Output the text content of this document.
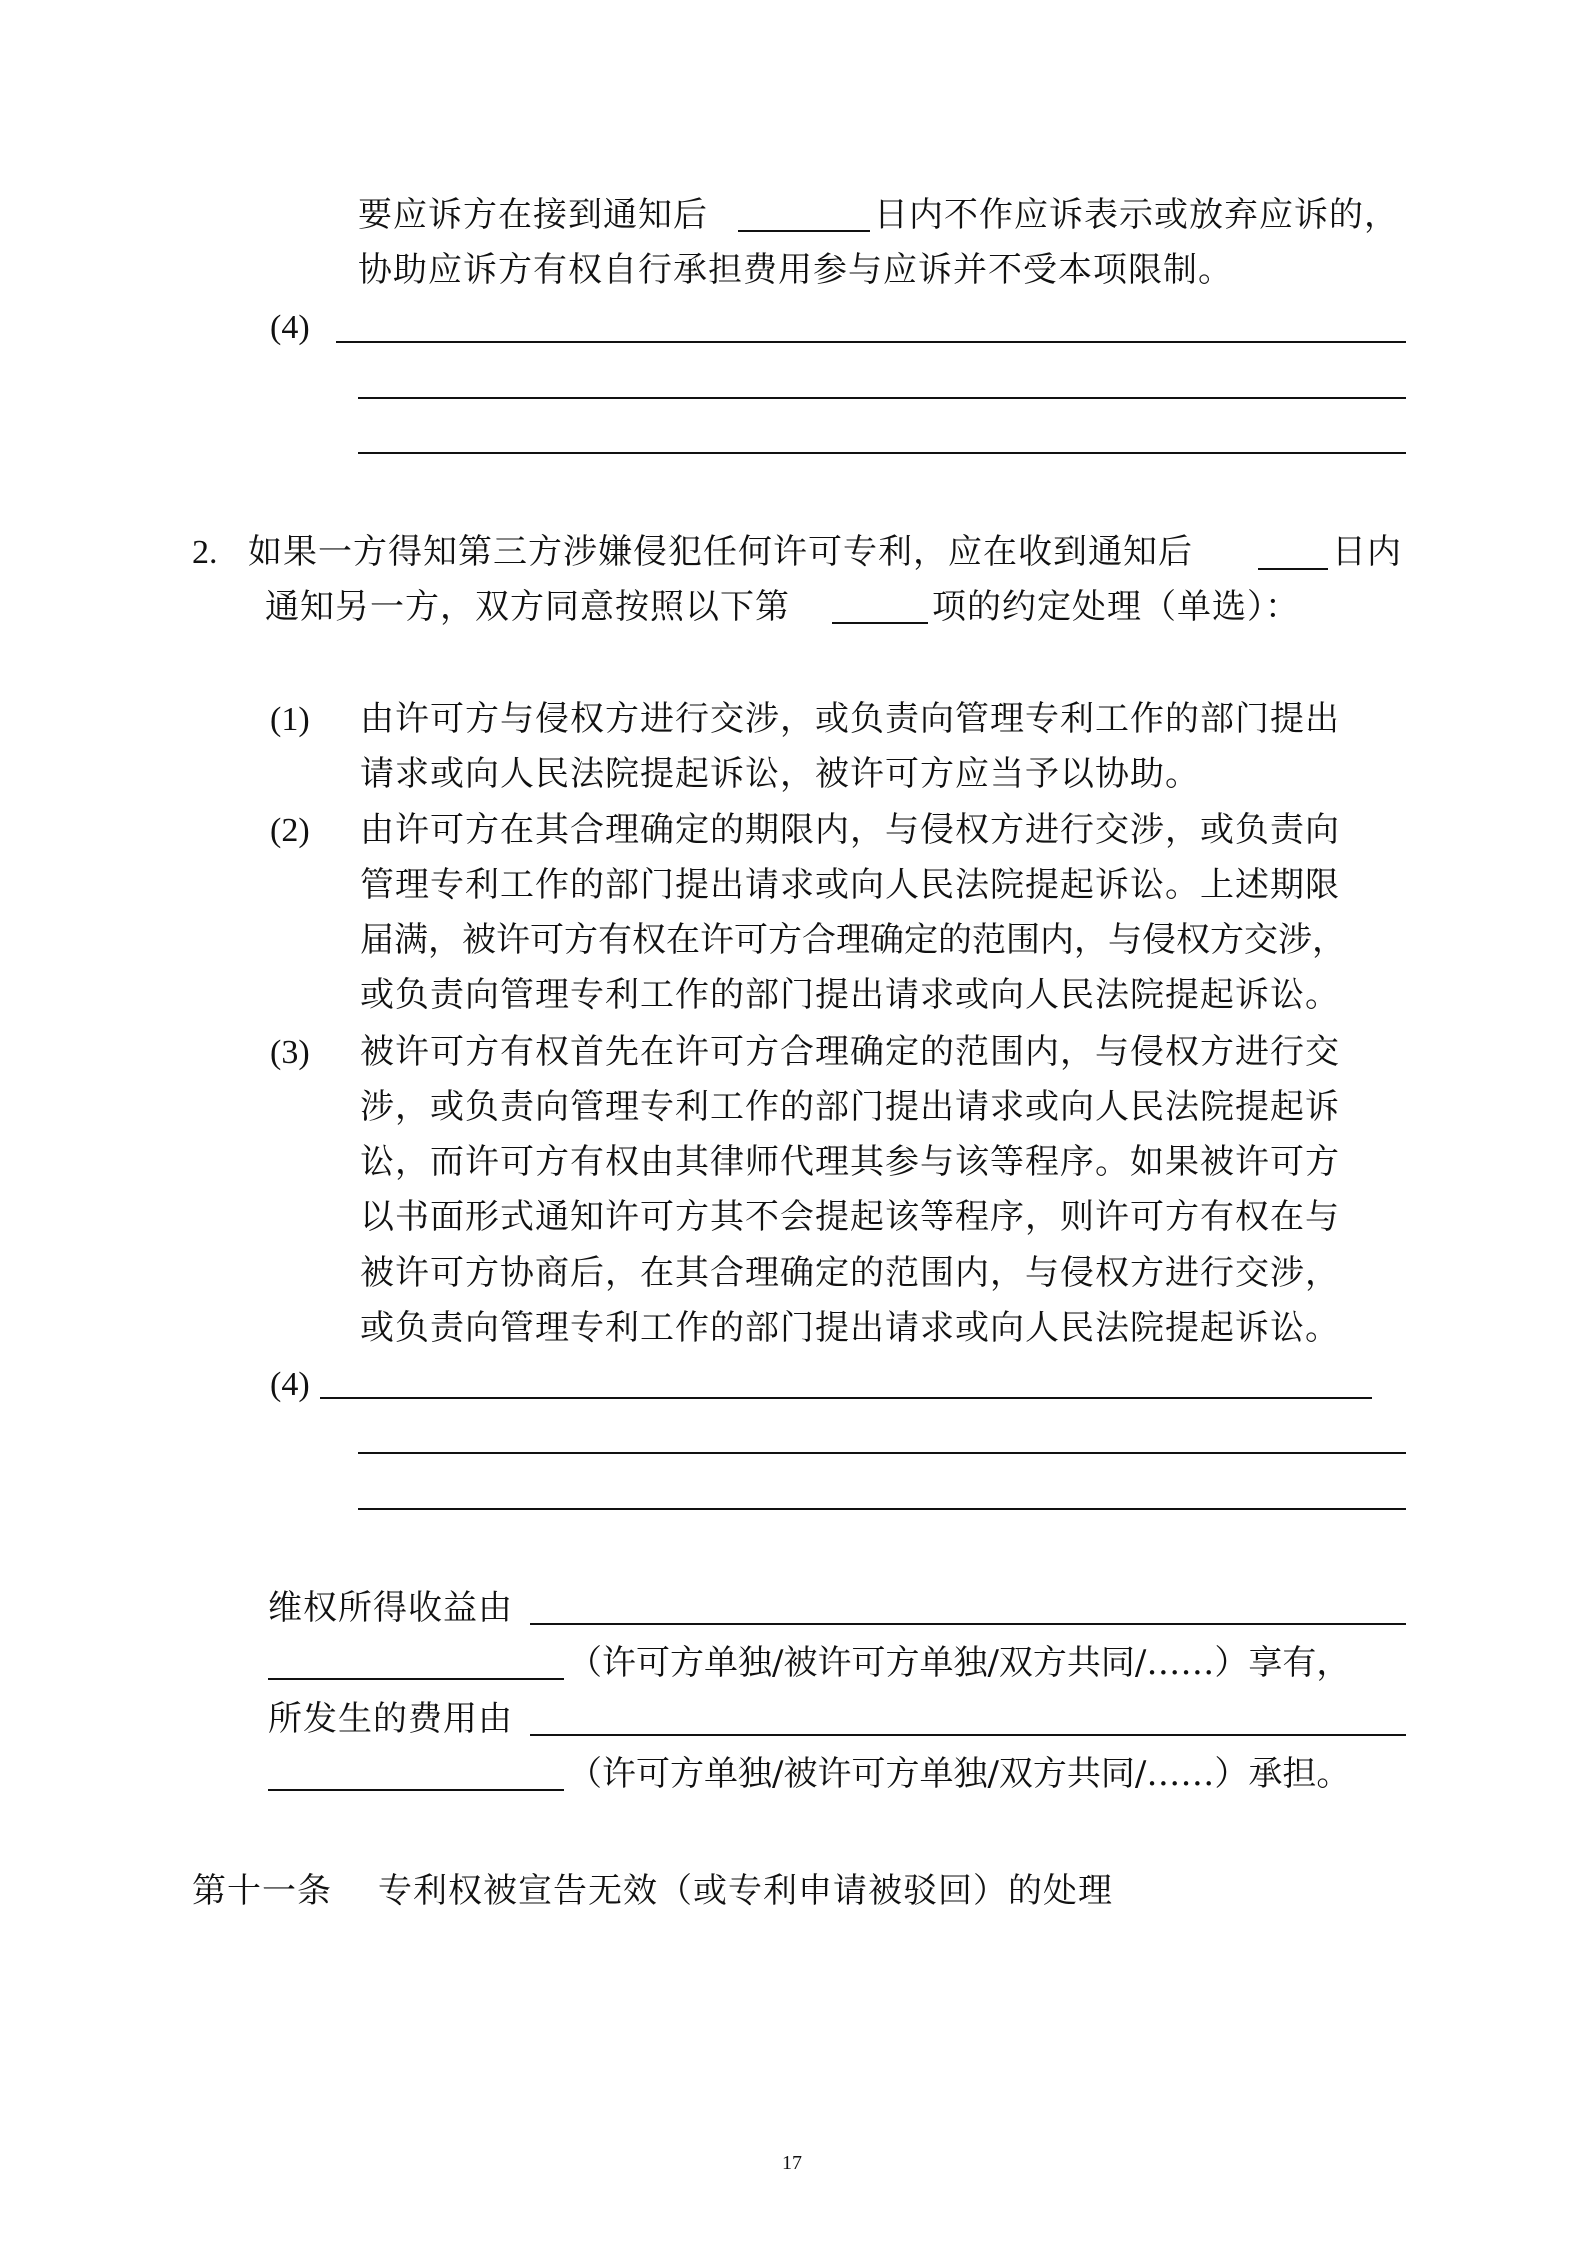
要应诉方在接到通知后	日内不作应诉表示或放弃应诉的，
协助应诉方有权自行承担费用参与应诉并不受本项限制。
(4)
2. 如果一方得知第三方涉嫌侵犯任何许可专利，应在收到通知后	日内
通知另一方，双方同意按照以下第	项的约定处理（单选）：
(1) 由许可方与侵权方进行交涉，或负责向管理专利工作的部门提出
请求或向人民法院提起诉讼，被许可方应当予以协助。
(2) 由许可方在其合理确定的期限内，与侵权方进行交涉，或负责向
管理专利工作的部门提出请求或向人民法院提起诉讼。上述期限
届满，被许可方有权在许可方合理确定的范围内，与侵权方交涉，
或负责向管理专利工作的部门提出请求或向人民法院提起诉讼。
(3) 被许可方有权首先在许可方合理确定的范围内，与侵权方进行交
涉，或负责向管理专利工作的部门提出请求或向人民法院提起诉
讼，而许可方有权由其律师代理其参与该等程序。如果被许可方
以书面形式通知许可方其不会提起该等程序，则许可方有权在与
被许可方协商后，在其合理确定的范围内，与侵权方进行交涉，
或负责向管理专利工作的部门提出请求或向人民法院提起诉讼。
(4)
维权所得收益由
（许可方单独/被许可方单独/双方共同/……）享有，
所发生的费用由
（许可方单独/被许可方单独/双方共同/……）承担。
第十一条 专利权被宣告无效（或专利申请被驳回）的处理
17
